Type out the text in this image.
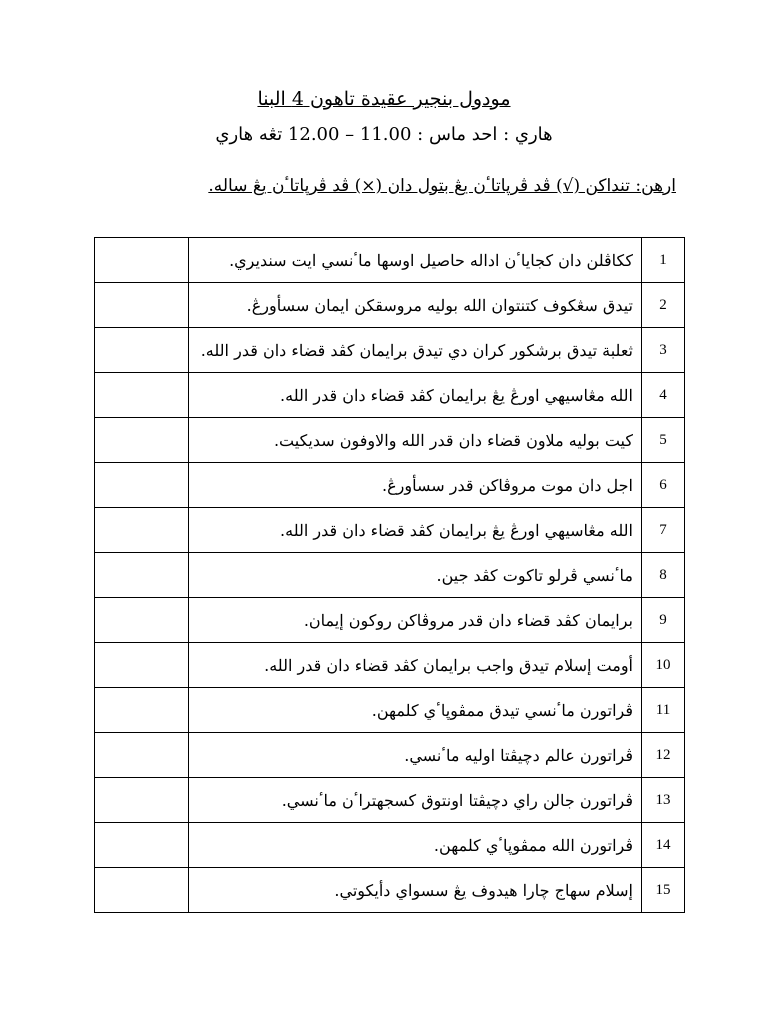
مودول بنجير عقيدة تاهون 4 البنا
هاري : احد ماس : 11.00 – 12.00 تڠه هاري
ارهن: تنداكن (√) ڤد ڤرڽاتاٴن يڠ بتول دان (×) ڤد ڤرڽاتاٴن يڠ ساله.
	ككاڤلن دان كجاياٴن اداله حاصيل اوسها ماٴنسي ايت سنديري.	1
	تيدق سڠکوف کتنتوان الله بوليه مروسقکن ايمان سسأورڠ.	2
	ثعلبة تيدق برشكور كران دي تيدق برايمان كڤد قضاء دان قدر الله.	3
	الله مڠاسيهي اورڠ يڠ برايمان كڤد قضاء دان قدر الله.	4
	كيت بوليه ملاون قضاء دان قدر الله والاوفون سديكيت.	5
	اجل دان موت مروڤاكن قدر سسأورڠ.	6
	الله مڠاسيهي اورڠ يڠ برايمان كڤد قضاء دان قدر الله.	7
	ماٴنسي ڤرلو تاكوت كڤد جين.	8
	برايمان كڤد قضاء دان قدر مروڤاكن روكون إيمان.	9
	أومت إسلام تيدق واجب برايمان كڤد قضاء دان قدر الله.	10
	ڤراتورن ماٴنسي تيدق ممڤوڽاٴي كلمهن.	11
	ڤراتورن عالم دچيڤتا اوليه ماٴنسي.	12
	ڤراتورن جالن راي دچيڤتا اونتوق كسجهتراٴن ماٴنسي.	13
	ڤراتورن الله ممڤوڽاٴي كلمهن.	14
	إسلام سهاج چارا هيدوف يڠ سسواي دأيكوتي.	15
